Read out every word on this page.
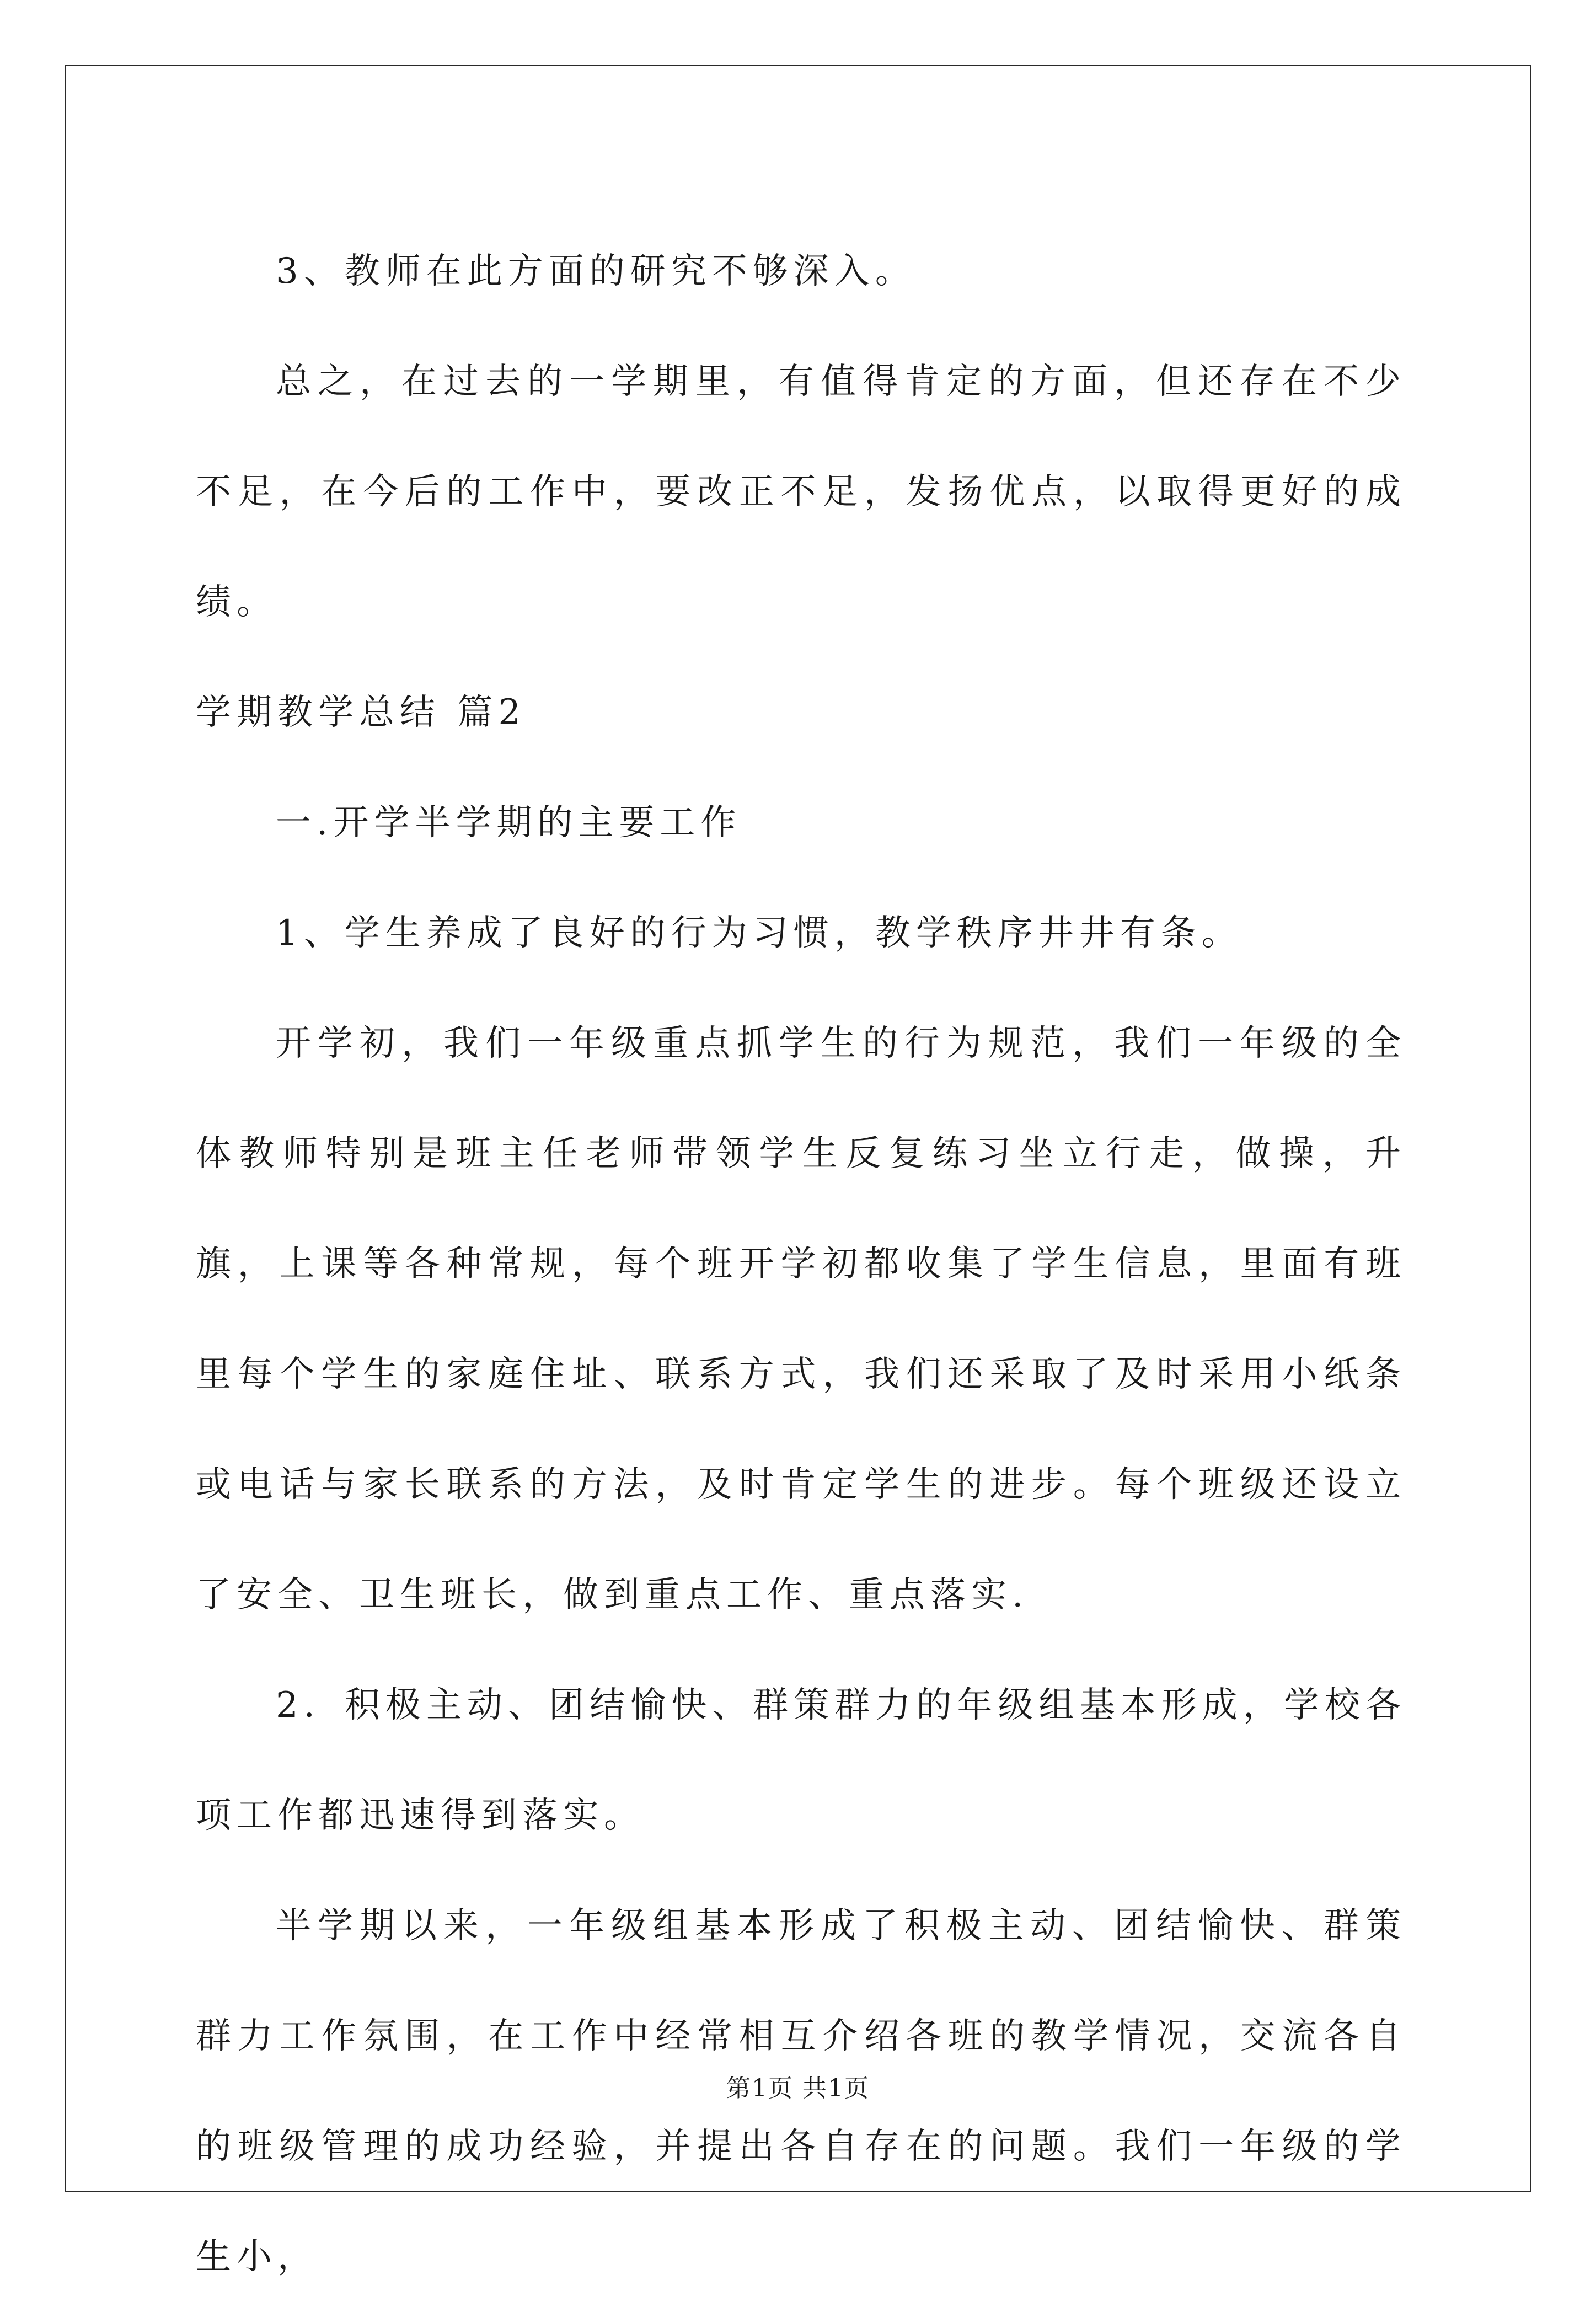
3、教师在此方面的研究不够深入。

总之，在过去的一学期里，有值得肯定的方面，但还存在不少不足，在今后的工作中，要改正不足，发扬优点，以取得更好的成绩。

学期教学总结 篇2

一.开学半学期的主要工作

1、学生养成了良好的行为习惯，教学秩序井井有条。

开学初，我们一年级重点抓学生的行为规范，我们一年级的全体教师特别是班主任老师带领学生反复练习坐立行走，做操，升旗，上课等各种常规，每个班开学初都收集了学生信息，里面有班里每个学生的家庭住址、联系方式，我们还采取了及时采用小纸条或电话与家长联系的方法，及时肯定学生的进步。每个班级还设立了安全、卫生班长，做到重点工作、重点落实.

2．积极主动、团结愉快、群策群力的年级组基本形成，学校各项工作都迅速得到落实。

半学期以来，一年级组基本形成了积极主动、团结愉快、群策群力工作氛围，在工作中经常相互介绍各班的教学情况，交流各自的班级管理的成功经验，并提出各自存在的问题。我们一年级的学生小，

第1页 共1页
